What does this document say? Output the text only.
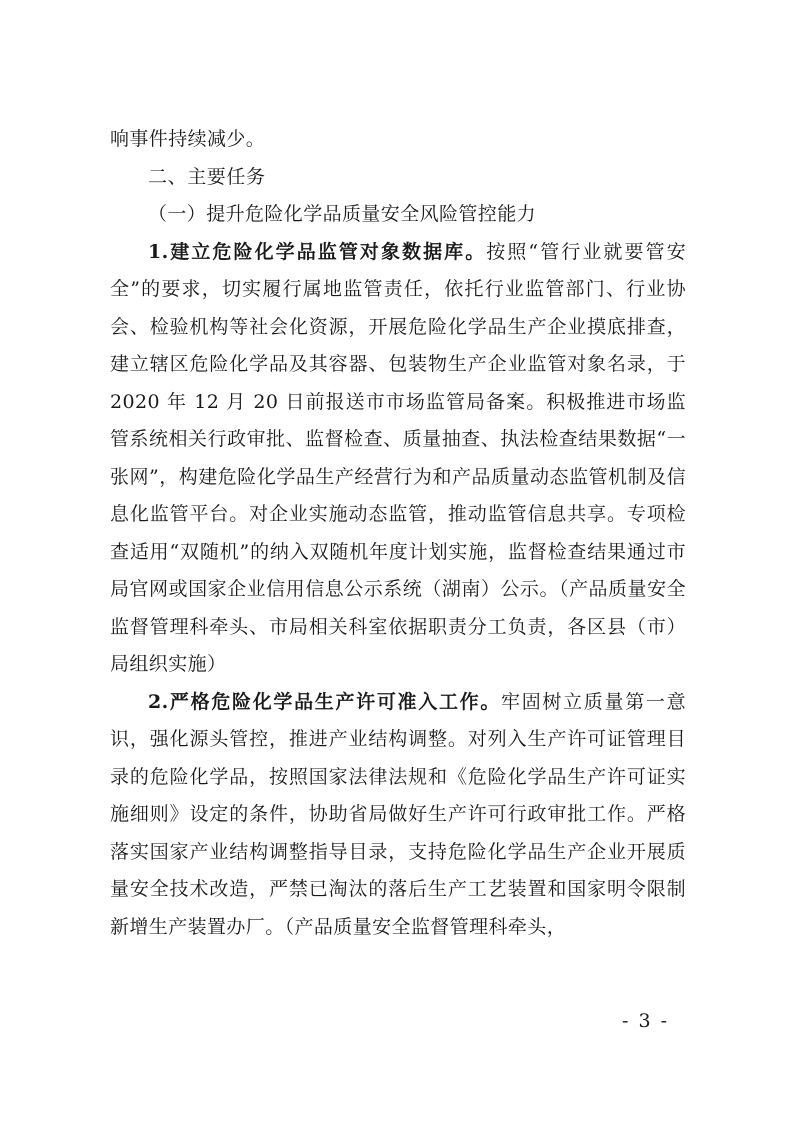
响事件持续减少。

二、主要任务

（一）提升危险化学品质量安全风险管控能力

1.建立危险化学品监管对象数据库。按照“管行业就要管安全”的要求，切实履行属地监管责任，依托行业监管部门、行业协会、检验机构等社会化资源，开展危险化学品生产企业摸底排查，建立辖区危险化学品及其容器、包装物生产企业监管对象名录，于 2020 年 12 月 20 日前报送市市场监管局备案。积极推进市场监管系统相关行政审批、监督检查、质量抽查、执法检查结果数据“一张网”，构建危险化学品生产经营行为和产品质量动态监管机制及信息化监管平台。对企业实施动态监管，推动监管信息共享。专项检查适用“双随机”的纳入双随机年度计划实施，监督检查结果通过市局官网或国家企业信用信息公示系统（湖南）公示。（产品质量安全监督管理科牵头、市局相关科室依据职责分工负责，各区县（市）局组织实施）

2.严格危险化学品生产许可准入工作。牢固树立质量第一意识，强化源头管控，推进产业结构调整。对列入生产许可证管理目录的危险化学品，按照国家法律法规和《危险化学品生产许可证实施细则》设定的条件，协助省局做好生产许可行政审批工作。严格落实国家产业结构调整指导目录，支持危险化学品生产企业开展质量安全技术改造，严禁已淘汰的落后生产工艺装置和国家明令限制新增生产装置办厂。（产品质量安全监督管理科牵头，

- 3 -
